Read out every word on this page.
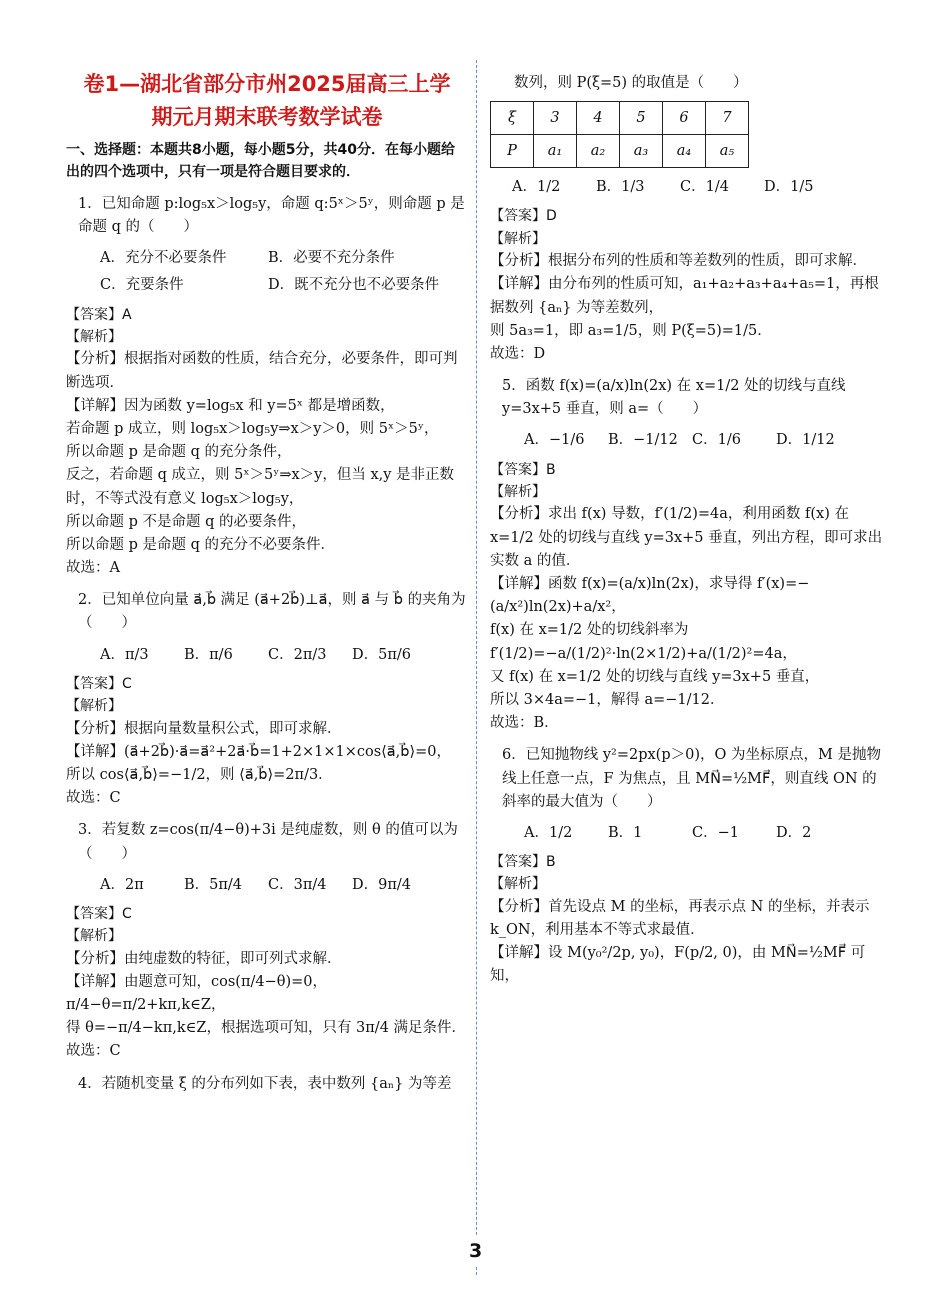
卷1—湖北省部分市州2025届高三上学
期元月期末联考数学试卷
一、选择题：本题共8小题，每小题5分，共40分．在每小题给出的四个选项中，只有一项是符合题目要求的．
1．已知命题 p:log₅x＞log₅y，命题 q:5ˣ＞5ʸ，则命题 p 是命题 q 的（　　）
A．充分不必要条件	B．必要不充分条件
C．充要条件	D．既不充分也不必要条件
【答案】A
【解析】
【分析】根据指对函数的性质，结合充分，必要条件，即可判断选项．
【详解】因为函数 y=log₅x 和 y=5ˣ 都是增函数，
若命题 p 成立，则 log₅x＞log₅y⇒x＞y＞0，则 5ˣ＞5ʸ，
所以命题 p 是命题 q 的充分条件，
反之，若命题 q 成立，则 5ˣ＞5ʸ⇒x＞y，但当 x,y 是非正数时，不等式没有意义 log₅x＞log₅y，
所以命题 p 不是命题 q 的必要条件，
所以命题 p 是命题 q 的充分不必要条件．
故选：A
2．已知单位向量 a⃗,b⃗ 满足 (a⃗+2b⃗)⊥a⃗，则 a⃗ 与 b⃗ 的夹角为（　　）
A．π/3	B．π/6	C．2π/3	D．5π/6
【答案】C
【解析】
【分析】根据向量数量积公式，即可求解．
【详解】(a⃗+2b⃗)·a⃗=a⃗²+2a⃗·b⃗=1+2×1×1×cos⟨a⃗,b⃗⟩=0，
所以 cos⟨a⃗,b⃗⟩=−1/2，则 ⟨a⃗,b⃗⟩=2π/3．
故选：C
3．若复数 z=cos(π/4−θ)+3i 是纯虚数，则 θ 的值可以为（　　）
A．2π	B．5π/4	C．3π/4	D．9π/4
【答案】C
【解析】
【分析】由纯虚数的特征，即可列式求解．
【详解】由题意可知，cos(π/4−θ)=0，π/4−θ=π/2+kπ,k∈Z，
得 θ=−π/4−kπ,k∈Z，根据选项可知，只有 3π/4 满足条件．
故选：C
4．若随机变量 ξ 的分布列如下表，表中数列 {aₙ} 为等差
数列，则 P(ξ=5) 的取值是（　　）
ξ	3	4	5	6	7
P	a₁	a₂	a₃	a₄	a₅
A．1/2	B．1/3	C．1/4	D．1/5
【答案】D
【解析】
【分析】根据分布列的性质和等差数列的性质，即可求解．
【详解】由分布列的性质可知，a₁+a₂+a₃+a₄+a₅=1，再根据数列 {aₙ} 为等差数列，
则 5a₃=1，即 a₃=1/5，则 P(ξ=5)=1/5．
故选：D
5．函数 f(x)=(a/x)ln(2x) 在 x=1/2 处的切线与直线 y=3x+5 垂直，则 a=（　　）
A．−1/6	B．−1/12 C．1/6	D．1/12
【答案】B
【解析】
【分析】求出 f(x) 导数，f′(1/2)=4a，利用函数 f(x) 在 x=1/2 处的切线与直线 y=3x+5 垂直，列出方程，即可求出实数 a 的值．
【详解】函数 f(x)=(a/x)ln(2x)，求导得 f′(x)=−(a/x²)ln(2x)+a/x²，
f(x) 在 x=1/2 处的切线斜率为 f′(1/2)=−a/(1/2)²·ln(2×1/2)+a/(1/2)²=4a，
又 f(x) 在 x=1/2 处的切线与直线 y=3x+5 垂直，
所以 3×4a=−1，解得 a=−1/12．
故选：B．
6．已知抛物线 y²=2px(p＞0)，O 为坐标原点，M 是抛物线上任意一点，F 为焦点，且 MN⃗=½MF⃗，则直线 ON 的斜率的最大值为（　　）
A．1/2	B．1	C．−1	D．2
【答案】B
【解析】
【分析】首先设点 M 的坐标，再表示点 N 的坐标，并表示 k_ON，利用基本不等式求最值．
【详解】设 M(y₀²/2p, y₀)，F(p/2, 0)，由 MN⃗=½MF⃗ 可知，
3
